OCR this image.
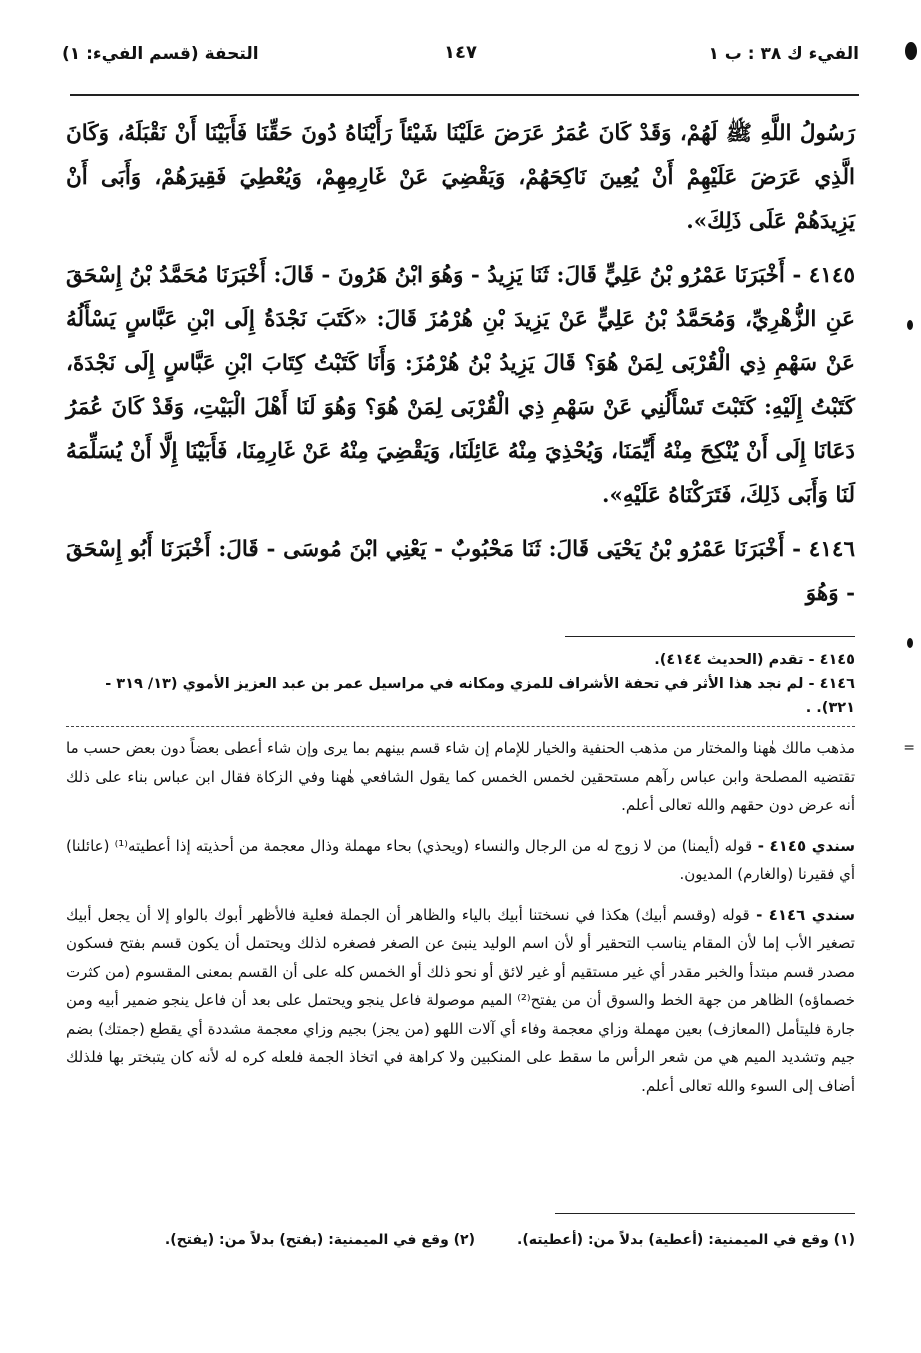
الفيء ك ٣٨ : ب ١
١٤٧
التحفة (قسم الفيء: ١)

رَسُولُ اللَّهِ ﷺ لَهُمْ، وَقَدْ كَانَ عُمَرُ عَرَضَ عَلَيْنَا شَيْئاً رَأَيْنَاهُ دُونَ حَقِّنَا فَأَبَيْنَا أَنْ نَقْبَلَهُ، وَكَانَ الَّذِي عَرَضَ عَلَيْهِمْ أَنْ يُعِينَ نَاكِحَهُمْ، وَيَقْضِيَ عَنْ غَارِمِهِمْ، وَيُعْطِيَ فَقِيرَهُمْ، وَأَبَى أَنْ يَزِيدَهُمْ عَلَى ذَلِكَ».

٤١٤٥ - أَخْبَرَنَا عَمْرُو بْنُ عَلِيٍّ قَالَ: ثَنَا يَزِيدُ - وَهُوَ ابْنُ هَرُونَ - قَالَ: أَخْبَرَنَا مُحَمَّدُ بْنُ إِسْحَقَ عَنِ الزُّهْرِيِّ، وَمُحَمَّدُ بْنُ عَلِيٍّ عَنْ يَزِيدَ بْنِ هُرْمُزَ قَالَ: «كَتَبَ نَجْدَةُ إِلَى ابْنِ عَبَّاسٍ يَسْأَلُهُ عَنْ سَهْمِ ذِي الْقُرْبَى لِمَنْ هُوَ؟ قَالَ يَزِيدُ بْنُ هُرْمُزَ: وَأَنَا كَتَبْتُ كِتَابَ ابْنِ عَبَّاسٍ إِلَى نَجْدَةَ، كَتَبْتُ إِلَيْهِ: كَتَبْتَ تَسْأَلُنِي عَنْ سَهْمِ ذِي الْقُرْبَى لِمَنْ هُوَ؟ وَهُوَ لَنَا أَهْلَ الْبَيْتِ، وَقَدْ كَانَ عُمَرُ دَعَانَا إِلَى أَنْ يُنْكِحَ مِنْهُ أَيِّمَنَا، وَيُحْذِيَ مِنْهُ عَائِلَنَا، وَيَقْضِيَ مِنْهُ عَنْ غَارِمِنَا، فَأَبَيْنَا إِلَّا أَنْ يُسَلِّمَهُ لَنَا وَأَبَى ذَلِكَ، فَتَرَكْنَاهُ عَلَيْهِ».

٤١٤٦ - أَخْبَرَنَا عَمْرُو بْنُ يَحْيَى قَالَ: ثَنَا مَحْبُوبٌ - يَعْنِي ابْنَ مُوسَى - قَالَ: أَخْبَرَنَا أَبُو إِسْحَقَ - وَهُوَ

٤١٤٥ - تقدم (الحديث ٤١٤٤).

٤١٤٦ - لم نجد هذا الأثر في تحفة الأشراف للمزي ومكانه في مراسيل عمر بن عبد العزيز الأموي (١٣/ ٣١٩ - ٣٢١). .

=

مذهب مالك هٰهنا والمختار من مذهب الحنفية والخيار للإمام إن شاء قسم بينهم بما يرى وإن شاء أعطى بعضاً دون بعض حسب ما تقتضيه المصلحة وابن عباس رآهم مستحقين لخمس الخمس كما يقول الشافعي هٰهنا وفي الزكاة فقال ابن عباس بناء على ذلك أنه عرض دون حقهم والله تعالى أعلم.

سندي ٤١٤٥ - قوله (أيمنا) من لا زوج له من الرجال والنساء (ويحذي) بحاء مهملة وذال معجمة من أحذيته إذا أعطيته⁽¹⁾ (عائلنا) أي فقيرنا (والغارم) المديون.

سندي ٤١٤٦ - قوله (وقسم أبيك) هكذا في نسختنا أبيك بالياء والظاهر أن الجملة فعلية فالأظهر أبوك بالواو إلا أن يجعل أبيك تصغير الأب إما لأن المقام يناسب التحقير أو لأن اسم الوليد ينبئ عن الصغر فصغره لذلك ويحتمل أن يكون قسم بفتح فسكون مصدر قسم مبتدأ والخبر مقدر أي غير مستقيم أو غير لائق أو نحو ذلك أو الخمس كله على أن القسم بمعنى المقسوم (من كثرت خصماؤه) الظاهر من جهة الخط والسوق أن من يفتح⁽²⁾ الميم موصولة فاعل ينجو ويحتمل على بعد أن فاعل ينجو ضمير أبيه ومن جارة فليتأمل (المعازف) بعين مهملة وزاي معجمة وفاء أي آلات اللهو (من يجز) بجيم وزاي معجمة مشددة أي يقطع (جمتك) بضم جيم وتشديد الميم هي من شعر الرأس ما سقط على المنكبين ولا كراهة في اتخاذ الجمة فلعله كره له لأنه كان يتبختر بها فلذلك أضاف إلى السوء والله تعالى أعلم.

(١) وقع في الميمنية: (أعطية) بدلاً من: (أعطيته).
(٢) وقع في الميمنية: (بفتح) بدلاً من: (يفتح).
